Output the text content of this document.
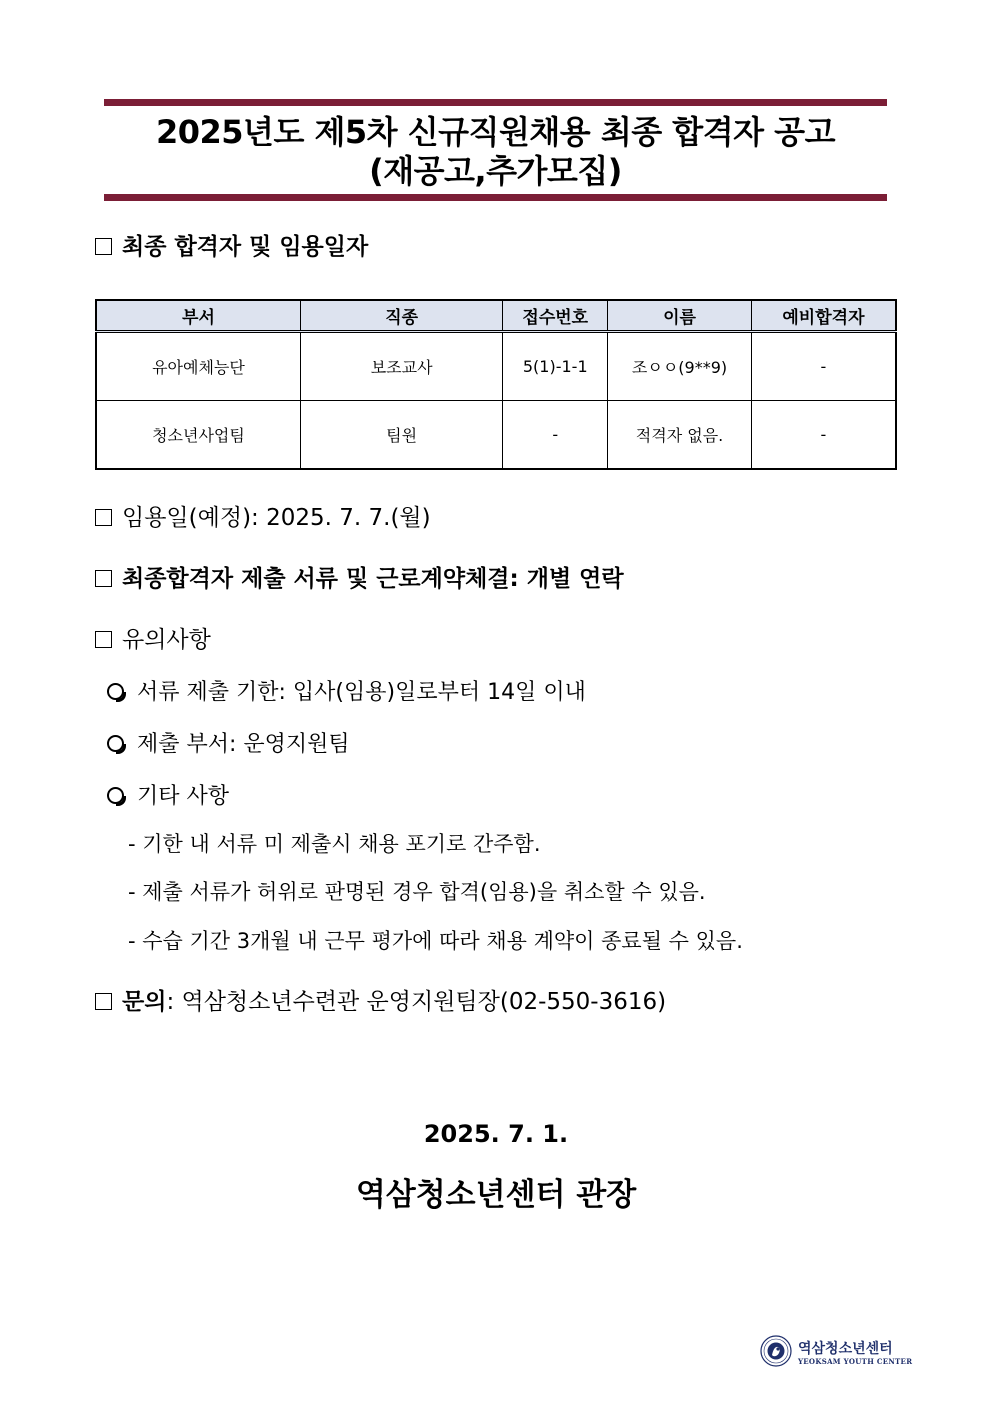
2025년도 제5차 신규직원채용 최종 합격자 공고
(재공고,추가모집)
최종 합격자 및 임용일자
부서	직종	접수번호	이름	예비합격자
유아예체능단	보조교사	5(1)-1-1	조ㅇㅇ(9**9)	-
청소년사업팀	팀원	-	적격자 없음.	-
임용일(예정): 2025. 7. 7.(월)
최종합격자 제출 서류 및 근로계약체결: 개별 연락
유의사항
서류 제출 기한: 입사(임용)일로부터 14일 이내
제출 부서: 운영지원팀
기타 사항
- 기한 내 서류 미 제출시 채용 포기로 간주함.
- 제출 서류가 허위로 판명된 경우 합격(임용)을 취소할 수 있음.
- 수습 기간 3개월 내 근무 평가에 따라 채용 계약이 종료될 수 있음.
문의: 역삼청소년수련관 운영지원팀장(02-550-3616)
2025. 7. 1.
역삼청소년센터 관장
역삼청소년센터
YEOKSAM YOUTH CENTER
